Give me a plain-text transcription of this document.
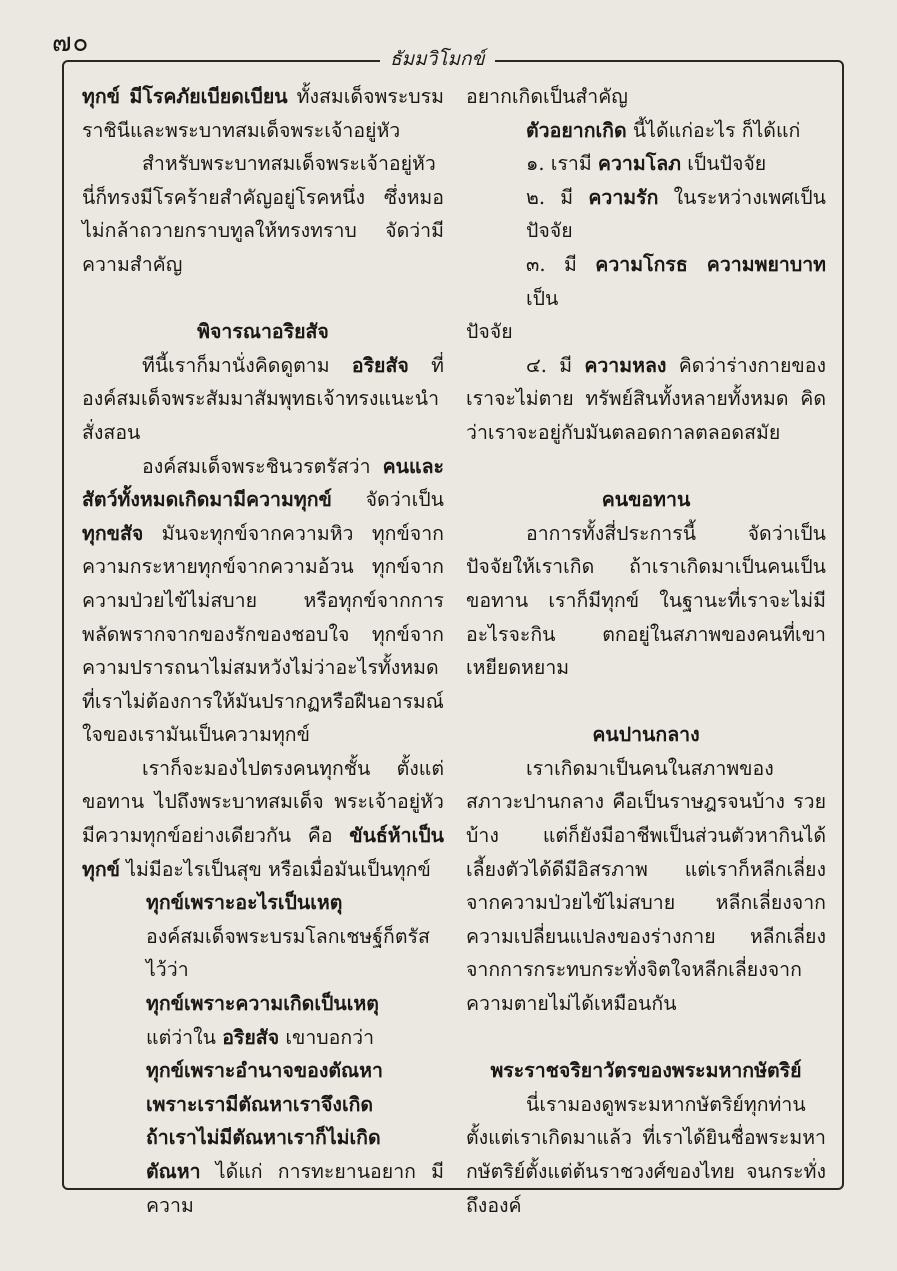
๗๐
ธัมมวิโมกข์

ทุกข์ มีโรคภัยเบียดเบียน ทั้งสมเด็จพระบรมราชินีและพระบาทสมเด็จพระเจ้าอยู่หัว

สำหรับพระบาทสมเด็จพระเจ้าอยู่หัวนี่ก็ทรงมีโรคร้ายสำคัญอยู่โรคหนึ่ง ซึ่งหมอไม่กล้าถวายกราบทูลให้ทรงทราบ จัดว่ามีความสำคัญ

พิจารณาอริยสัจ

ทีนี้เราก็มานั่งคิดดูตาม อริยสัจ ที่องค์สมเด็จพระสัมมาสัมพุทธเจ้าทรงแนะนำสั่งสอน

องค์สมเด็จพระชินวรตรัสว่า คนและสัตว์ทั้งหมดเกิดมามีความทุกข์ จัดว่าเป็น ทุกขสัจ มันจะทุกข์จากความหิว ทุกข์จากความกระหายทุกข์จากความอ้วน ทุกข์จากความป่วยไข้ไม่สบาย หรือทุกข์จากการพลัดพรากจากของรักของชอบใจ ทุกข์จากความปรารถนาไม่สมหวังไม่ว่าอะไรทั้งหมดที่เราไม่ต้องการให้มันปรากฏหรือฝืนอารมณ์ใจของเรามันเป็นความทุกข์

เราก็จะมองไปตรงคนทุกชั้น ตั้งแต่ขอทาน ไปถึงพระบาทสมเด็จ พระเจ้าอยู่หัว มีความทุกข์อย่างเดียวกัน คือ ขันธ์ห้าเป็นทุกข์ ไม่มีอะไรเป็นสุข หรือเมื่อมันเป็นทุกข์

ทุกข์เพราะอะไรเป็นเหตุ

องค์สมเด็จพระบรมโลกเชษฐ์ก็ตรัสไว้ว่า

ทุกข์เพราะความเกิดเป็นเหตุ

แต่ว่าใน อริยสัจ เขาบอกว่า

ทุกข์เพราะอำนาจของตัณหา

เพราะเรามีตัณหาเราจึงเกิด

ถ้าเราไม่มีตัณหาเราก็ไม่เกิด

ตัณหา ได้แก่ การทะยานอยาก มีความ

อยากเกิดเป็นสำคัญ

ตัวอยากเกิด นี้ได้แก่อะไร ก็ได้แก่

๑. เรามี ความโลภ เป็นปัจจัย

๒. มี ความรัก ในระหว่างเพศเป็นปัจจัย

๓. มี ความโกรธ ความพยาบาท เป็น

ปัจจัย

๔. มี ความหลง คิดว่าร่างกายของเราจะไม่ตาย ทรัพย์สินทั้งหลายทั้งหมด คิดว่าเราจะอยู่กับมันตลอดกาลตลอดสมัย

คนขอทาน

อาการทั้งสี่ประการนี้ จัดว่าเป็นปัจจัยให้เราเกิด ถ้าเราเกิดมาเป็นคนเป็นขอทาน เราก็มีทุกข์ ในฐานะที่เราจะไม่มีอะไรจะกิน ตกอยู่ในสภาพของคนที่เขาเหยียดหยาม

คนปานกลาง

เราเกิดมาเป็นคนในสภาพของสภาวะปานกลาง คือเป็นราษฎรจนบ้าง รวยบ้าง แต่ก็ยังมีอาชีพเป็นส่วนตัวหากินได้ เลี้ยงตัวได้ดีมีอิสรภาพ แต่เราก็หลีกเลี่ยงจากความป่วยไข้ไม่สบาย หลีกเลี่ยงจากความเปลี่ยนแปลงของร่างกาย หลีกเลี่ยงจากการกระทบกระทั่งจิตใจหลีกเลี่ยงจากความตายไม่ได้เหมือนกัน

พระราชจริยาวัตรของพระมหากษัตริย์

นี่เรามองดูพระมหากษัตริย์ทุกท่าน ตั้งแต่เราเกิดมาแล้ว ที่เราได้ยินชื่อพระมหากษัตริย์ตั้งแต่ต้นราชวงศ์ของไทย จนกระทั่งถึงองค์
